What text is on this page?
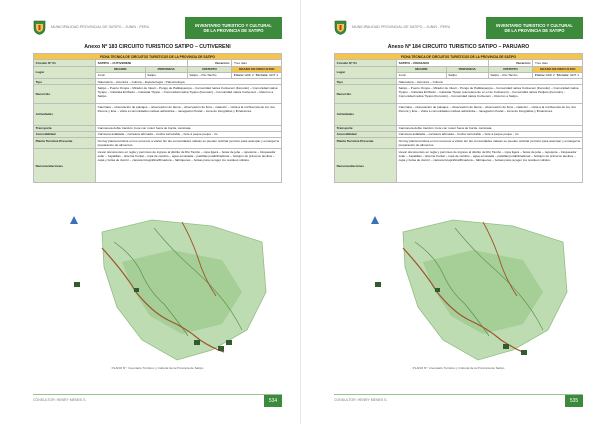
MUNICIPALIDAD PROVINCIAL DE SATIPO – JUNIN - PERU	INVENTARIO TURISTICO Y CULTURAL
DE LA PROVINCIA DE SATIPO
Anexo Nº 183 CIRCUITO TURISTICO SATIPO – CUTIVERENI
FICHA TECNICA DE CIRCUITOS TURISTICOS DE LA PROVINCIA DE SATIPO				
Circuito Nº 01	SATIPO – CUTIVERENI		Duración:	Tres días
Lugar	REGION	PROVINCIA	DISTRITO	GRADO DE DIFICULTAD
	Junín	Satipo	Satipo – Río Tambo	Física: GDF 2 Técnica: GDT 1
Tipo	Naturaleza – Aventura – Cultura – Espeleología - Paleontología			
Recorrido	Satipo – Puerto Ocopa – Mirador de Inkari – Pongo de Paltikayampa – Comunidad nativa Cutivereni (Ferocán) – Comunidad nativa Tiyapo – Catarata El Miedo – Catarata Tiyapo – Comunidad nativa Tiyapo (Ferocán) – Comunidad nativa Cutivereni – Retorno a Satipo.			
Actividades	Caminata – observación de paisajes – observación de fauna – observación de flora – natación – visita a la confluencia de los ríos Perené y Ene – visita a comunidades nativas asháninka – navegación fluvial – toma de fotografías y filmaciones.			
Transporte	Camioneta doble tracción, bote con motor fuera de borda, caminata.			
Accesibilidad	Carretera asfaltada – carretera afirmada – trocha carrozable – bote a peque peque - río			
Planta Turística Presente	No hay planta turística en los recursos a visitar. En las comunidades nativas se pueden solicitar permiso para acampar y encargar la preparación de alimentos.			
Recomendaciones	Llevar documentos en regla y permisos de ingreso al distrito de Río Tambo – ropa ligera – botas de jebe – repelente – bloqueador solar – zapatillas – linterna frontal – ropa de cambio – agua envasada – pastillas potabilizadoras – botiquín de primeros auxilios – capa y bolsa de dormir – cámara fotográfica/filmadora – faltriqueras – bolsas para recoger los residuos sólidos.			
PLANO N°: Inventario Turístico y Cultural de la Provincia de Satipo
CONSULTOR: HENRY MENES S.	534
MUNICIPALIDAD PROVINCIAL DE SATIPO – JUNIN - PERU	INVENTARIO TURISTICO Y CULTURAL
DE LA PROVINCIA DE SATIPO
Anexo Nº 184 CIRCUITO TURISTICO SATIPO – PARIJARO
FICHA TECNICA DE CIRCUITOS TURISTICOS DE LA PROVINCIA DE SATIPO				
Circuito Nº 01	SATIPO – PARIJARO		Duración:	Tres días
Lugar	REGION	PROVINCIA	DISTRITO	GRADO DE DIFICULTAD
	Junín	Satipo	Satipo – Río Tambo	Física: GDF 2 Técnica: GDT 1
Tipo	Naturaleza – Aventura – Cultura			
Recorrido	Satipo – Puerto Ocopa – Mirador de Inkari – Pongo de Paltikayampa – Comunidad nativa Cutivereni (Ferocán) – Comunidad nativa Tiyapo – Catarata El Miedo – Catarata Tiyapo (campamento en el de Cutivereni) – Comunidad nativa Parijaro (Ferocán) – Comunidad nativa Tiyapo (Ferocán) – Comunidad nativa Cutivereni – Retorno a Satipo.			
Actividades	Caminata – observación de paisajes – observación de fauna – observación de flora – natación – visita a la confluencia de los ríos Perené y Ene – visita a comunidades nativas asháninka – navegación fluvial – toma de fotografías y filmaciones.			
Transporte	Camioneta doble tracción, bote con motor fuera de borda, caminata.			
Accesibilidad	Carretera asfaltada – carretera afirmada – trocha carrozable – bote a peque peque - río			
Planta Turística Presente	No hay planta turística en los recursos a visitar. En las comunidades nativas se pueden solicitar permiso para acampar y encargar la preparación de alimentos.			
Recomendaciones	Llevar documentos en regla y permisos de ingreso al distrito de Río Tambo – ropa ligera – botas de jebe – repelente – bloqueador solar – zapatillas – linterna frontal – ropa de cambio – agua envasada – pastillas potabilizadoras – botiquín de primeros auxilios – capa y bolsa de dormir – cámara fotográfica/filmadora – faltriqueras – bolsas para recoger los residuos sólidos.			
PLANO N°: Inventario Turístico y Cultural de la Provincia de Satipo
CONSULTOR: HENRY MENES S.	535
